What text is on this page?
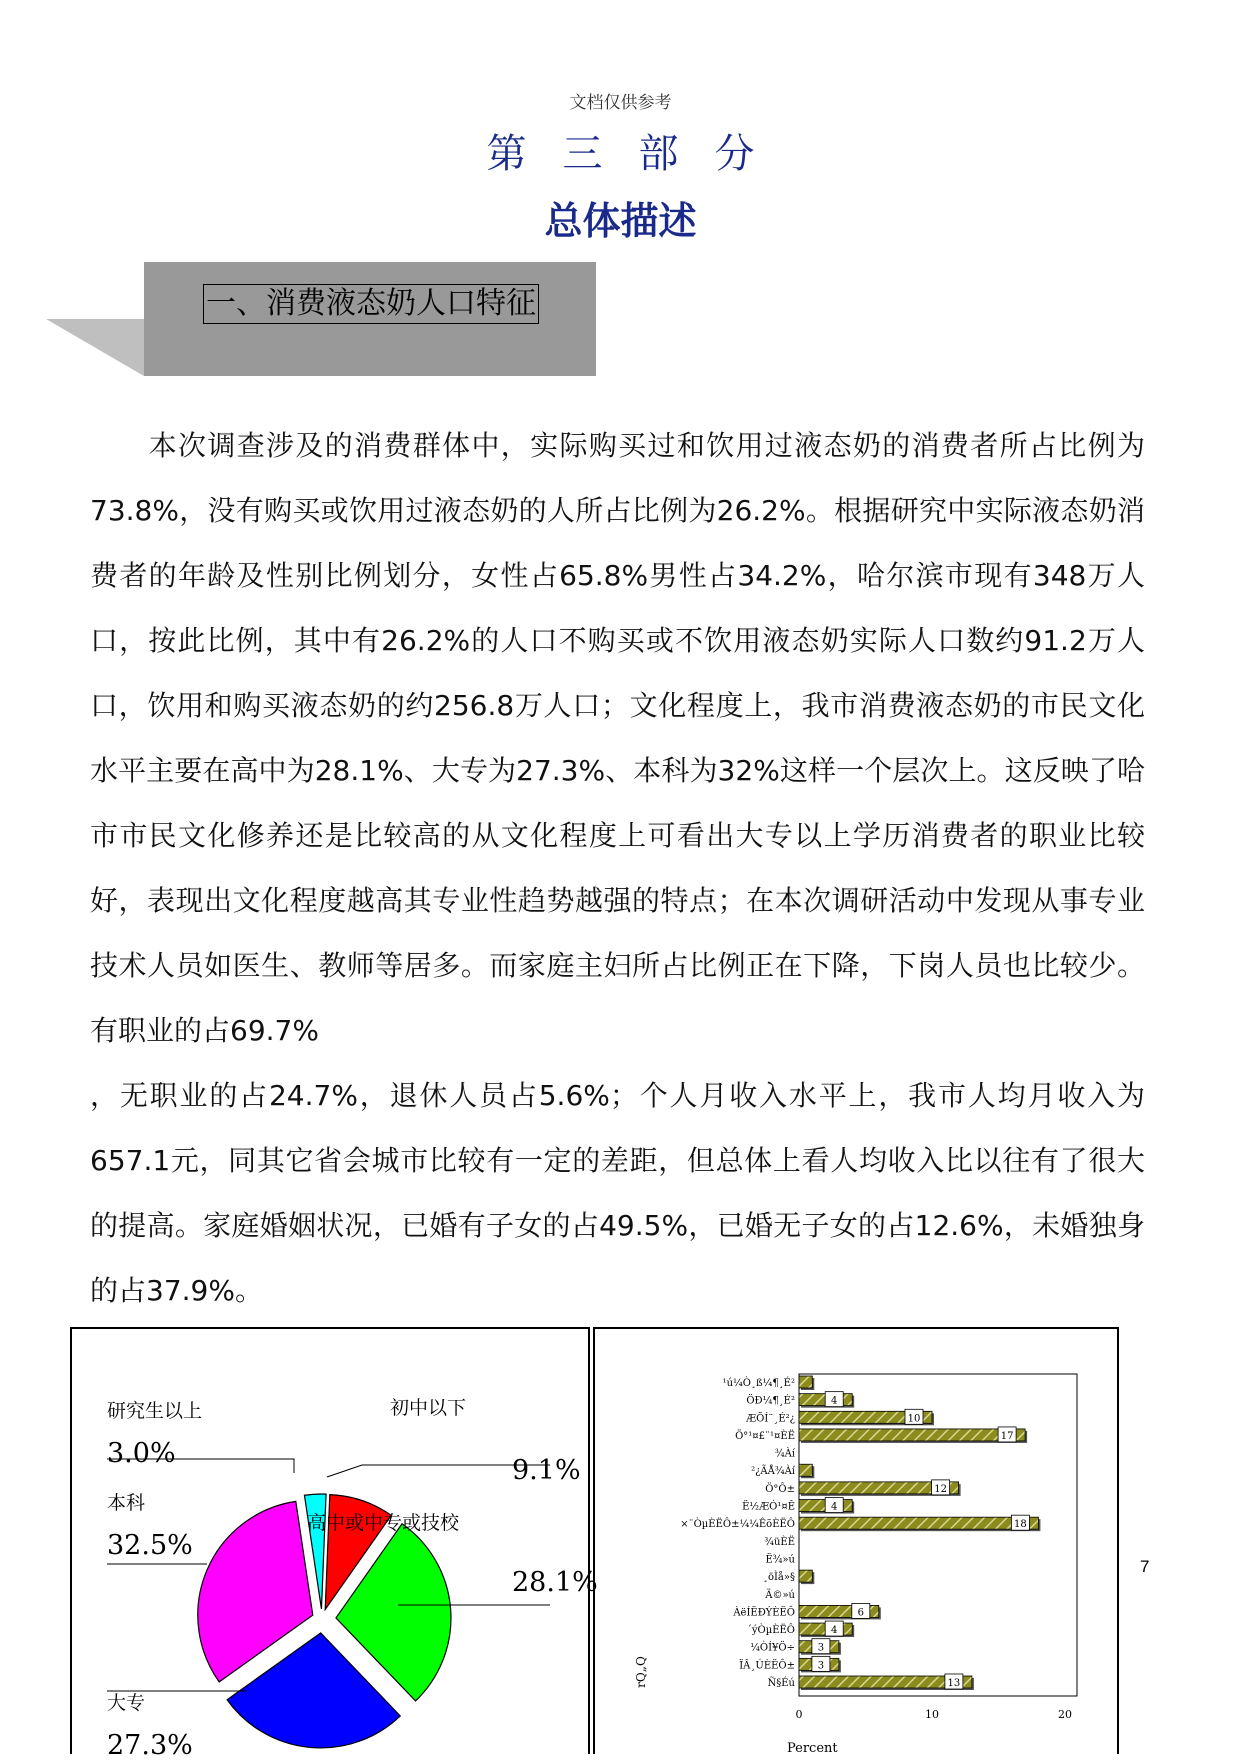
文档仅供参考
第三部分
总体描述
一、消费液态奶人口特征

　　本次调查涉及的消费群体中，实际购买过和饮用过液态奶的消费者所占比例为73.8%，没有购买或饮用过液态奶的人所占比例为26.2%。根据研究中实际液态奶消费者的年龄及性别比例划分，女性占65.8%男性占34.2%，哈尔滨市现有348万人口，按此比例，其中有26.2%的人口不购买或不饮用液态奶实际人口数约91.2万人口，饮用和购买液态奶的约256.8万人口；文化程度上，我市消费液态奶的市民文化水平主要在高中为28.1%、大专为27.3%、本科为32%这样一个层次上。这反映了哈市市民文化修养还是比较高的从文化程度上可看出大专以上学历消费者的职业比较好，表现出文化程度越高其专业性趋势越强的特点；在本次调研活动中发现从事专业技术人员如医生、教师等居多。而家庭主妇所占比例正在下降，下岗人员也比较少。有职业的占69.7%

，无职业的占24.7%，退休人员占5.6%；个人月收入水平上，我市人均月收入为657.1元，同其它省会城市比较有一定的差距，但总体上看人均收入比以往有了很大的提高。家庭婚姻状况，已婚有子女的占49.5%，已婚无子女的占12.6%，未婚独身的占37.9%。

7
初中以下
9.1%
高中或中专或技校
28.1%
大专
27.3%
本科
32.5%
研究生以上
3.0%
¹ú¼Ò¸ß¼¶¸É²
ÖÐ¼¶¸É²	4
ÆÕÍ¨¸É²¿	10
Ö°¹¤£¨¹¤ÈË	17
¾Àí
²¿ÃÅ¾Àí
Ö°Ô±	12
Ë½ÆÓ¹¤Ê	4
×¨ÒµÈËÔ±¼¼ÊõÈËÔ	18
¾üÈË
Ë¾»ú
¸öÌå»§
Ä©»ú
ÀëÍËÐÝÈËÔ	6
´ýÒµÈËÔ	4
¼ÒÍ¥Ö÷ 3
ÏÂ¸ÚÈËÔ± 3
Ñ§Éú	13
0	10	20
Percent
rQ„Q
